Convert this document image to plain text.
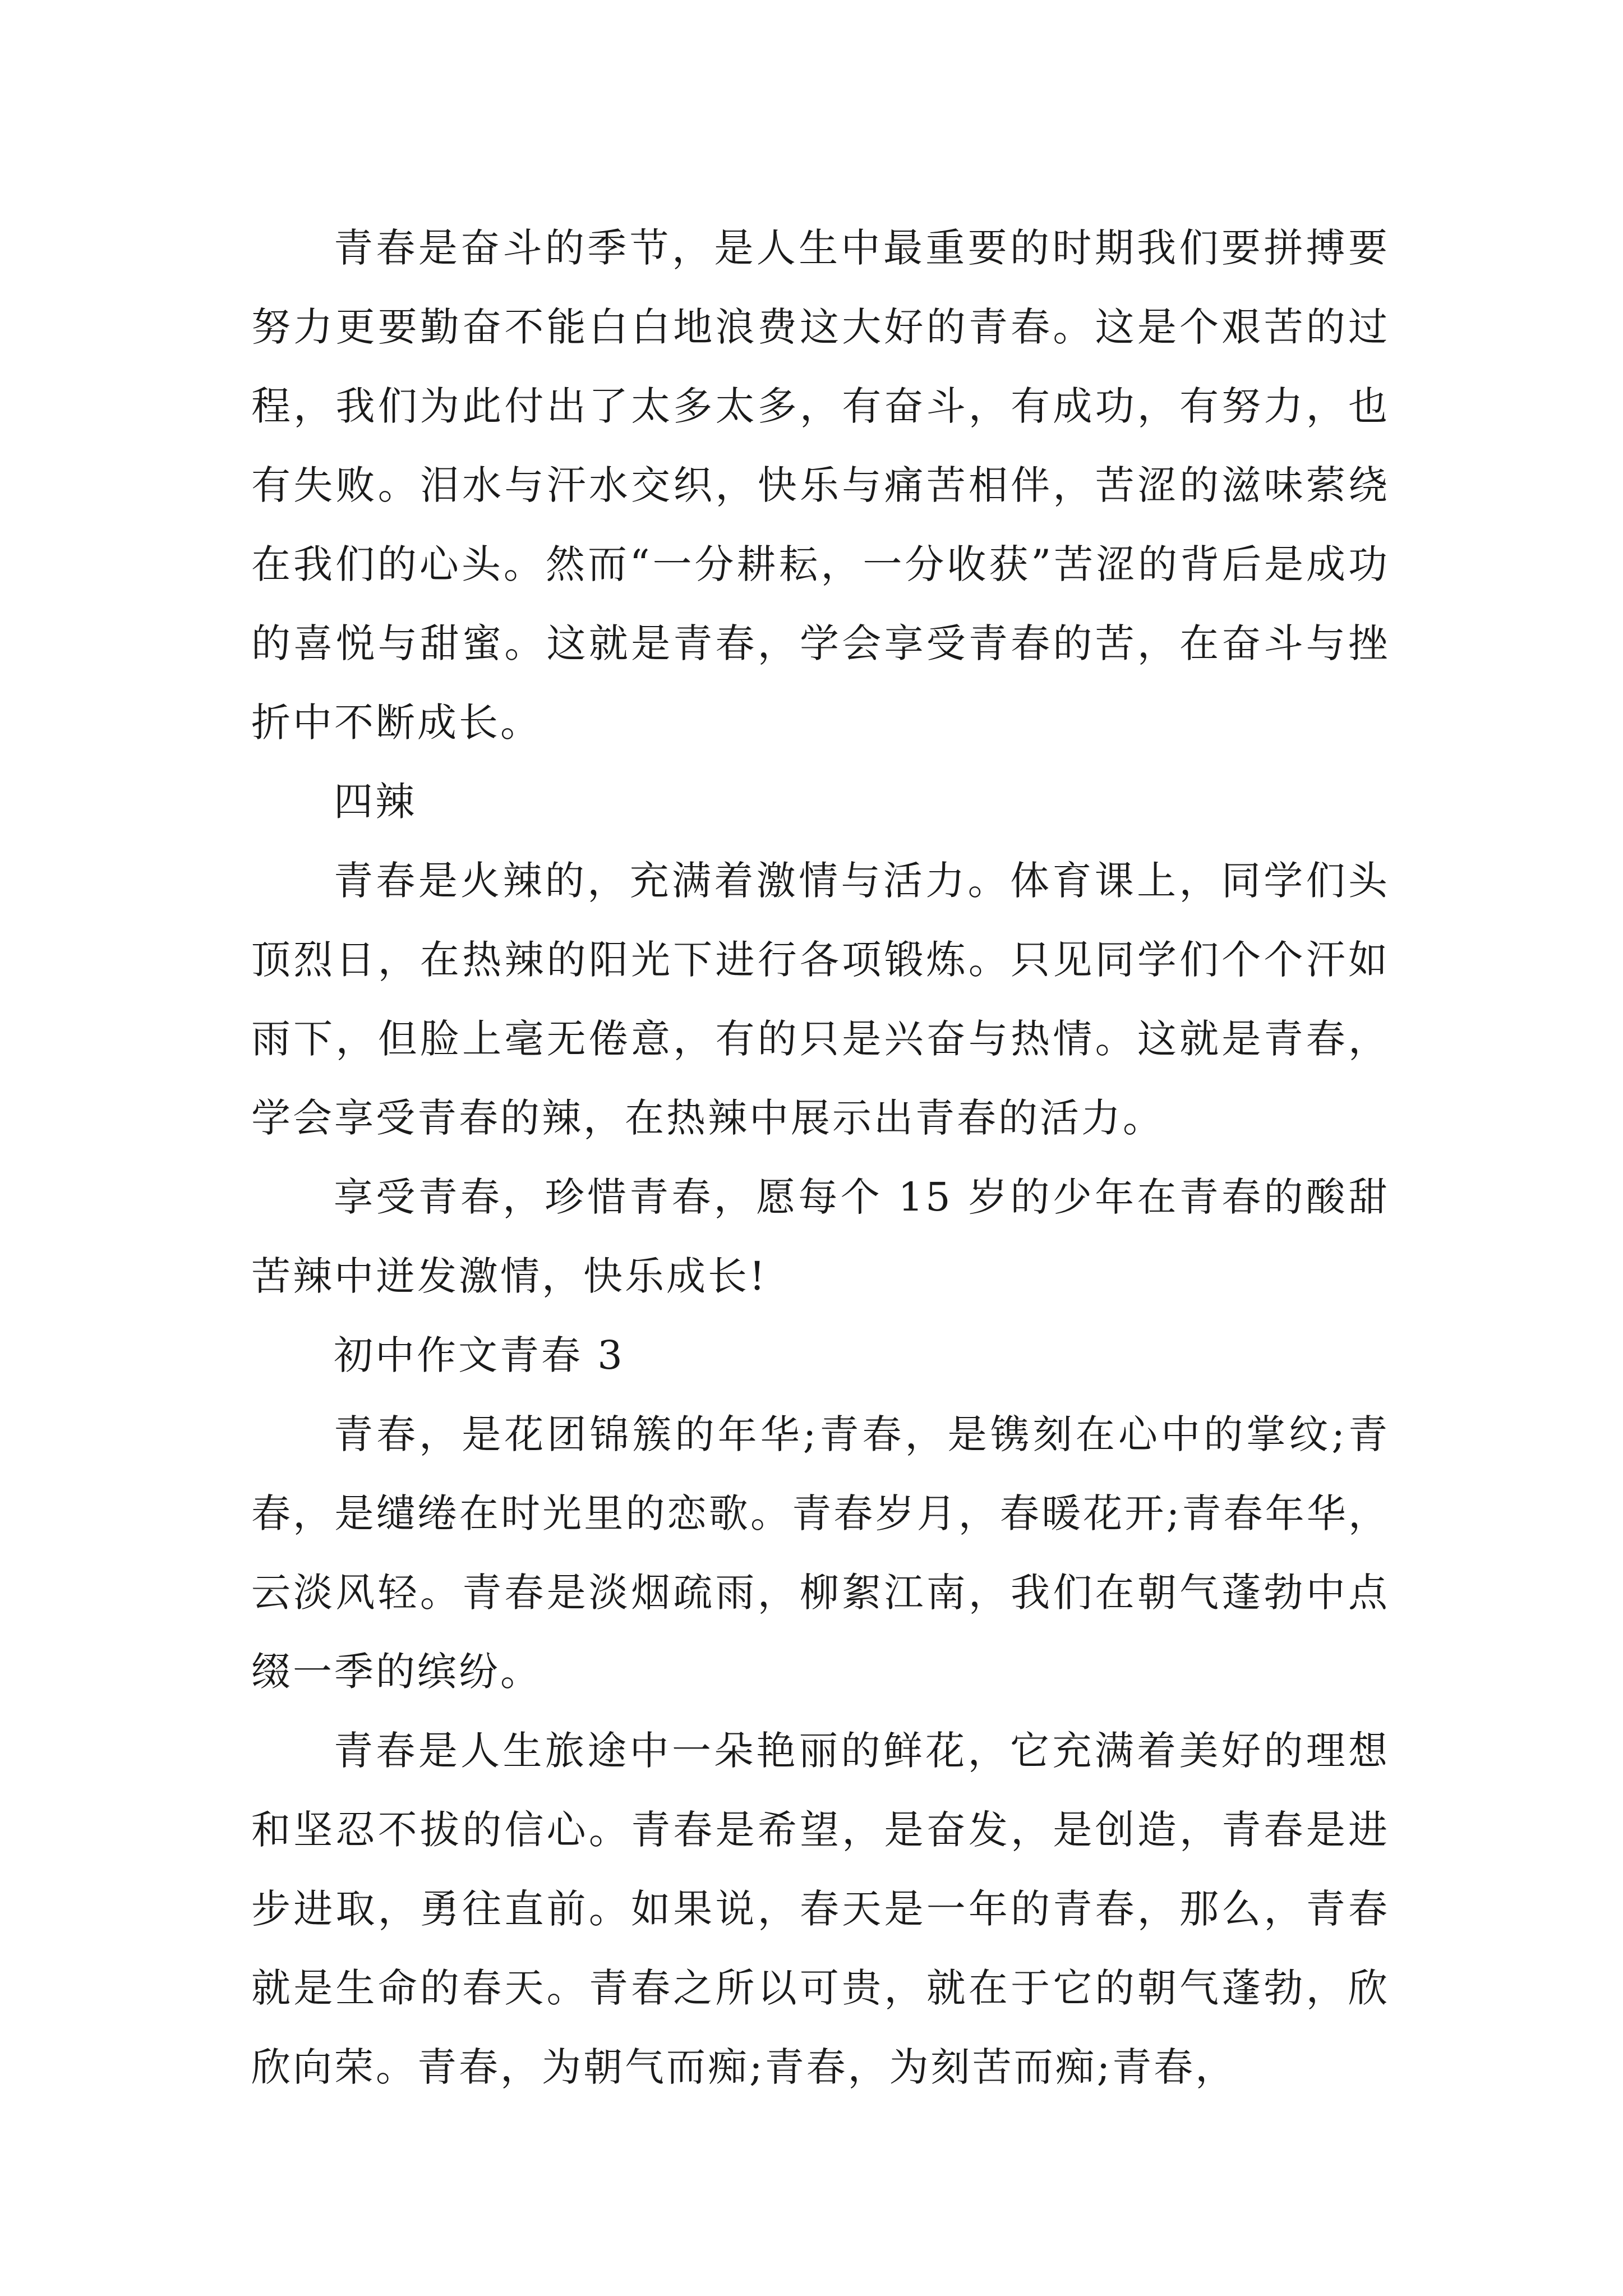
青春是奋斗的季节，是人生中最重要的时期我们要拼搏要努力更要勤奋不能白白地浪费这大好的青春。这是个艰苦的过程，我们为此付出了太多太多，有奋斗，有成功，有努力，也有失败。泪水与汗水交织，快乐与痛苦相伴，苦涩的滋味萦绕在我们的心头。然而“一分耕耘，一分收获”苦涩的背后是成功的喜悦与甜蜜。这就是青春，学会享受青春的苦，在奋斗与挫折中不断成长。

四辣

青春是火辣的，充满着激情与活力。体育课上，同学们头顶烈日，在热辣的阳光下进行各项锻炼。只见同学们个个汗如雨下，但脸上毫无倦意，有的只是兴奋与热情。这就是青春，学会享受青春的辣，在热辣中展示出青春的活力。

享受青春，珍惜青春，愿每个 15 岁的少年在青春的酸甜苦辣中迸发激情，快乐成长!

初中作文青春 3

青春，是花团锦簇的年华;青春，是镌刻在心中的掌纹;青春，是缱绻在时光里的恋歌。青春岁月，春暖花开;青春年华，云淡风轻。青春是淡烟疏雨，柳絮江南，我们在朝气蓬勃中点缀一季的缤纷。

青春是人生旅途中一朵艳丽的鲜花，它充满着美好的理想和坚忍不拔的信心。青春是希望，是奋发，是创造，青春是进步进取，勇往直前。如果说，春天是一年的青春，那么，青春就是生命的春天。青春之所以可贵，就在于它的朝气蓬勃，欣欣向荣。青春，为朝气而痴;青春，为刻苦而痴;青春，
